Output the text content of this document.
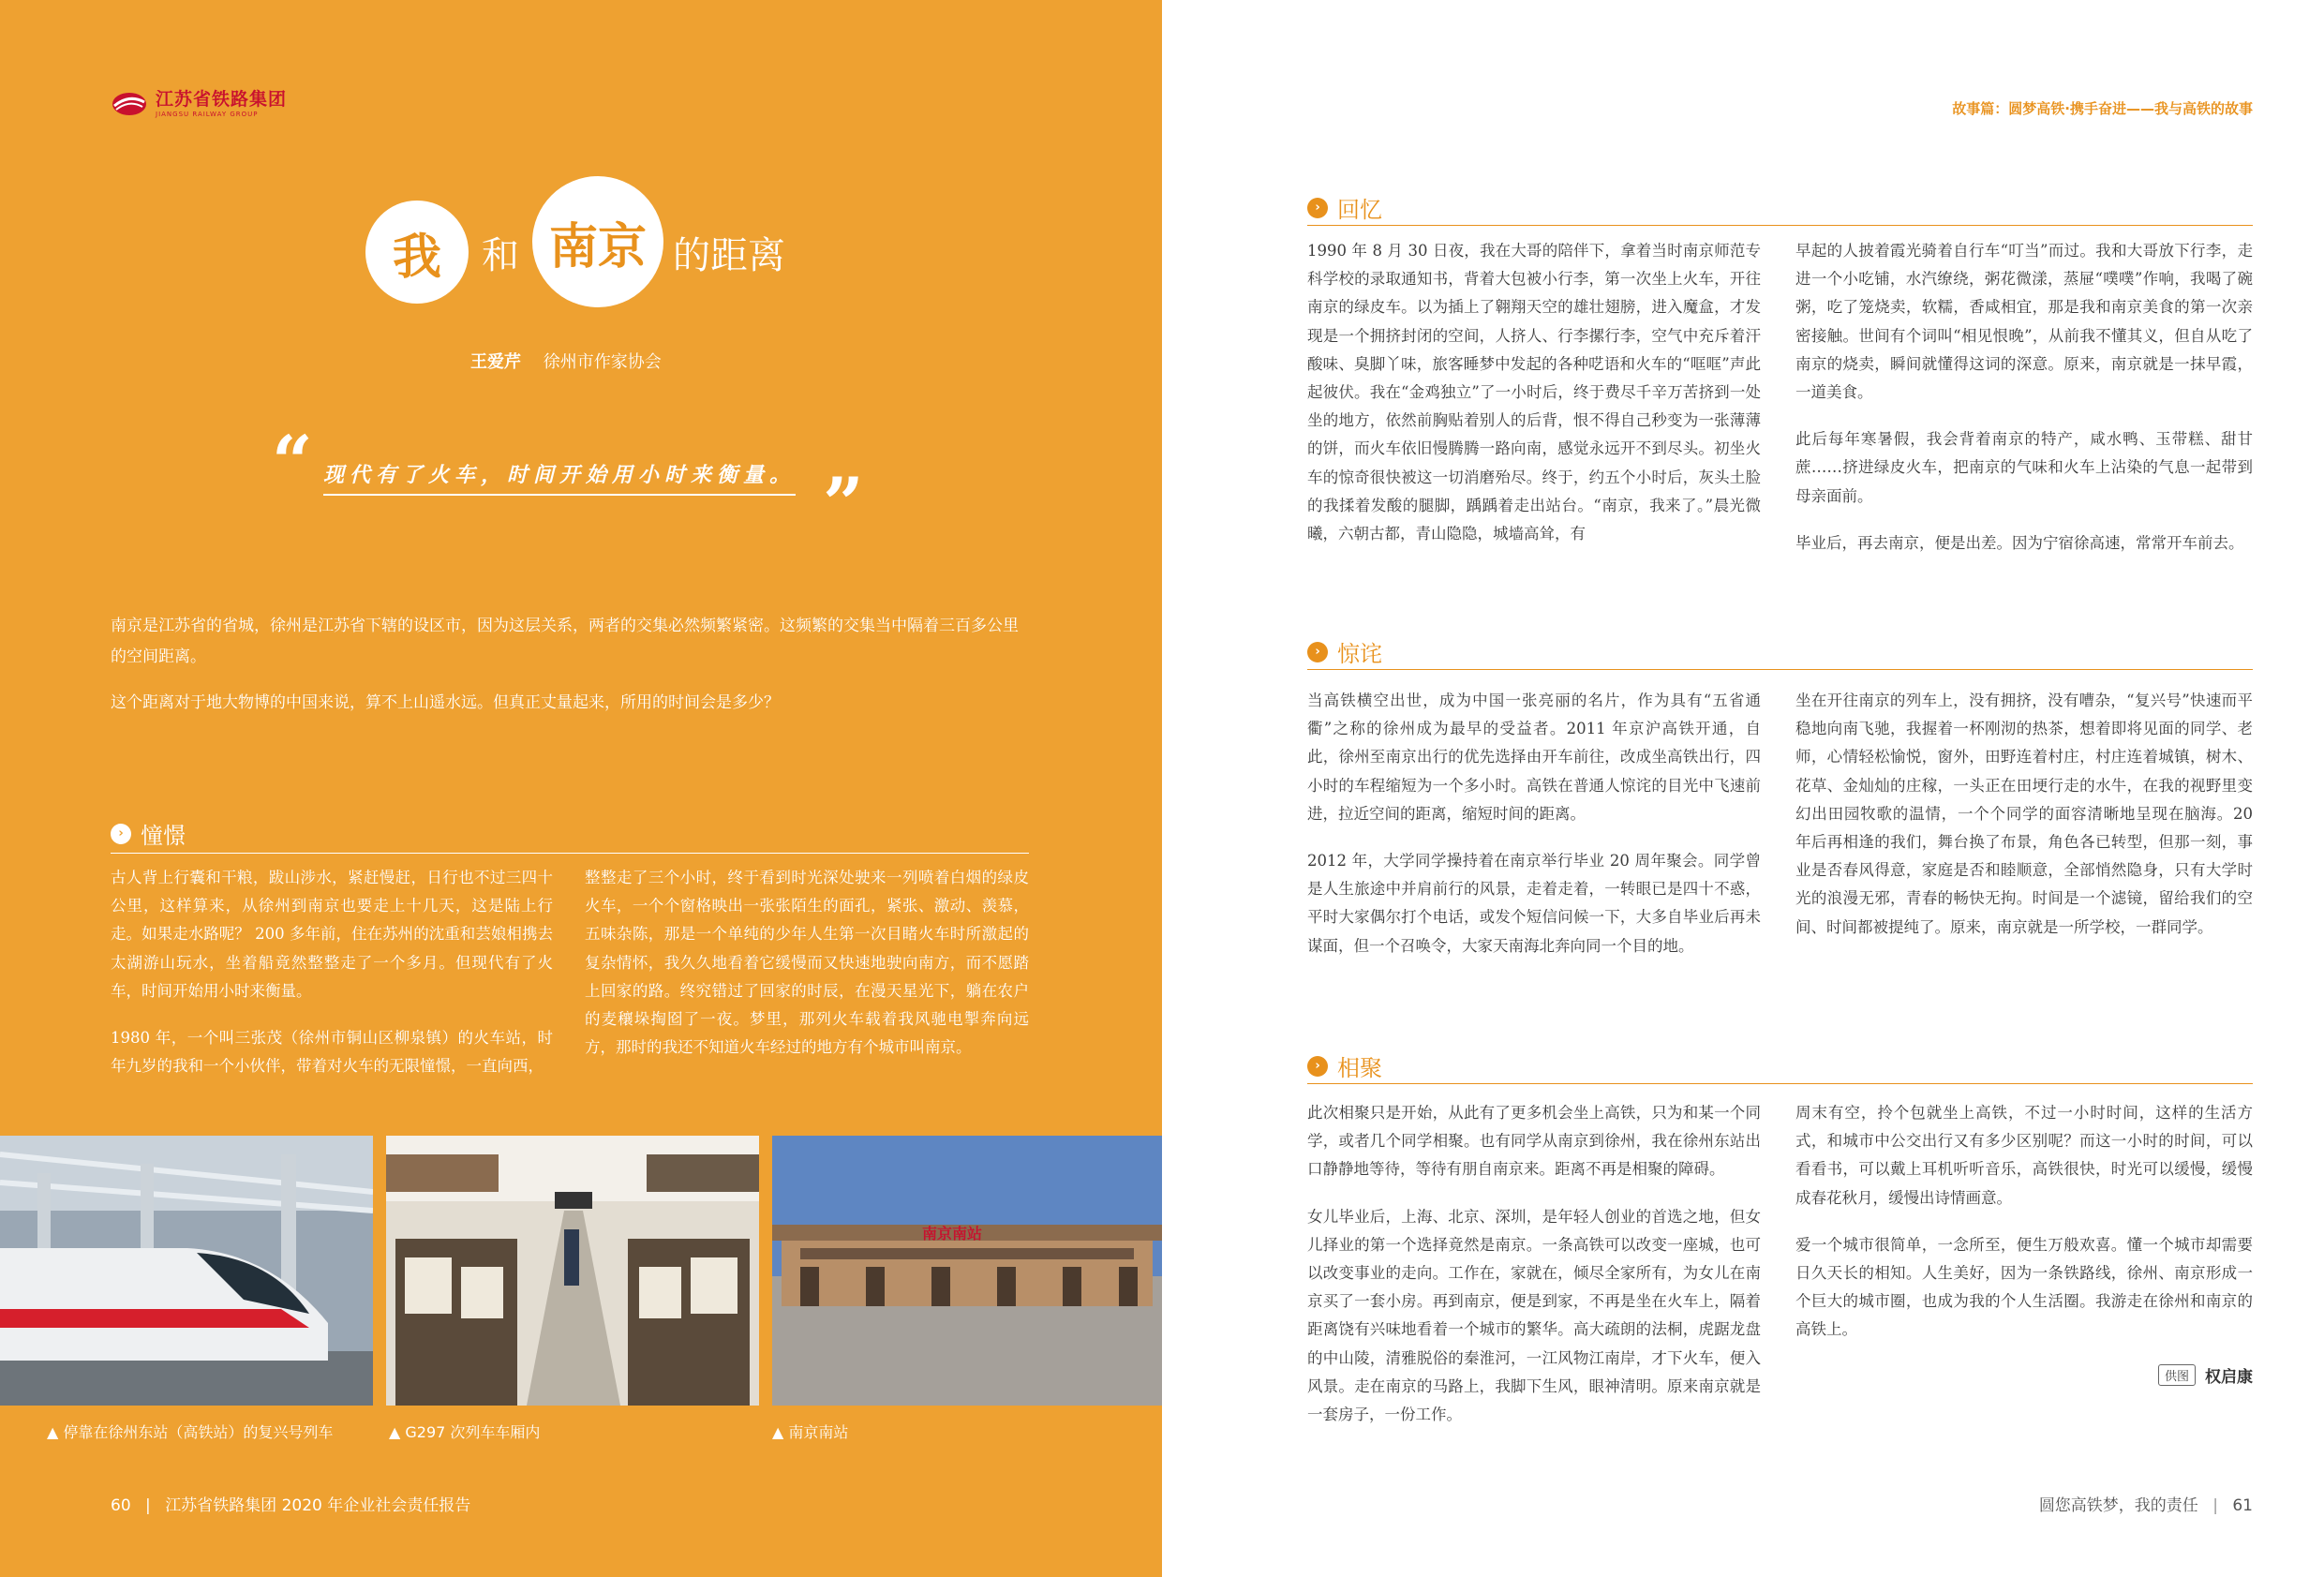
江苏省铁路集团
JIANGSU RAILWAY GROUP
我	和 南京 的距离
王爱芹 徐州市作家协会
“ 现代有了火车，时间开始用小时来衡量。 ”

南京是江苏省的省城，徐州是江苏省下辖的设区市，因为这层关系，两者的交集必然频繁紧密。这频繁的交集当中隔着三百多公里的空间距离。

这个距离对于地大物博的中国来说，算不上山遥水远。但真正丈量起来，所用的时间会是多少？

› 憧憬

古人背上行囊和干粮，跋山涉水，紧赶慢赶，日行也不过三四十公里，这样算来，从徐州到南京也要走上十几天，这是陆上行走。如果走水路呢？ 200 多年前，住在苏州的沈重和芸娘相携去太湖游山玩水，坐着船竟然整整走了一个多月。但现代有了火车，时间开始用小时来衡量。

1980 年，一个叫三张茂（徐州市铜山区柳泉镇）的火车站，时年九岁的我和一个小伙伴，带着对火车的无限憧憬，一直向西，

整整走了三个小时，终于看到时光深处驶来一列喷着白烟的绿皮火车，一个个窗格映出一张张陌生的面孔，紧张、激动、羡慕，五味杂陈，那是一个单纯的少年人生第一次目睹火车时所激起的复杂情怀，我久久地看着它缓慢而又快速地驶向南方，而不愿踏上回家的路。终究错过了回家的时辰，在漫天星光下，躺在农户的麦穰垛掏囵了一夜。梦里，那列火车载着我风驰电掣奔向远方，那时的我还不知道火车经过的地方有个城市叫南京。

南京南站
▲ 停靠在徐州东站（高铁站）的复兴号列车	▲ G297 次列车车厢内	▲ 南京南站
60 | 江苏省铁路集团 2020 年企业社会责任报告
故事篇：圆梦高铁·携手奋进——我与高铁的故事
› 回忆

1990 年 8 月 30 日夜，我在大哥的陪伴下，拿着当时南京师范专科学校的录取通知书，背着大包被小行李，第一次坐上火车，开往南京的绿皮车。以为插上了翱翔天空的雄壮翅膀，进入魔盒，才发现是一个拥挤封闭的空间，人挤人、行李摞行李，空气中充斥着汗酸味、臭脚丫味，旅客睡梦中发起的各种呓语和火车的“哐哐”声此起彼伏。我在“金鸡独立”了一小时后，终于费尽千辛万苦挤到一处坐的地方，依然前胸贴着别人的后背，恨不得自己秒变为一张薄薄的饼，而火车依旧慢腾腾一路向南，感觉永远开不到尽头。初坐火车的惊奇很快被这一切消磨殆尽。终于，约五个小时后，灰头土脸的我揉着发酸的腿脚，踽踽着走出站台。“南京，我来了。”晨光微曦，六朝古都，青山隐隐，城墙高耸，有

早起的人披着霞光骑着自行车“叮当”而过。我和大哥放下行李，走进一个小吃铺，水汽缭绕，粥花微漾，蒸屉“噗噗”作响，我喝了碗粥，吃了笼烧卖，软糯，香咸相宜，那是我和南京美食的第一次亲密接触。世间有个词叫“相见恨晚”，从前我不懂其义，但自从吃了南京的烧卖，瞬间就懂得这词的深意。原来，南京就是一抹早霞，一道美食。

此后每年寒暑假，我会背着南京的特产，咸水鸭、玉带糕、甜甘蔗……挤进绿皮火车，把南京的气味和火车上沾染的气息一起带到母亲面前。

毕业后，再去南京，便是出差。因为宁宿徐高速，常常开车前去。

› 惊诧

当高铁横空出世，成为中国一张亮丽的名片，作为具有“五省通衢”之称的徐州成为最早的受益者。2011 年京沪高铁开通，自此，徐州至南京出行的优先选择由开车前往，改成坐高铁出行，四小时的车程缩短为一个多小时。高铁在普通人惊诧的目光中飞速前进，拉近空间的距离，缩短时间的距离。

2012 年，大学同学操持着在南京举行毕业 20 周年聚会。同学曾是人生旅途中并肩前行的风景，走着走着，一转眼已是四十不惑，平时大家偶尔打个电话，或发个短信问候一下，大多自毕业后再未谋面，但一个召唤令，大家天南海北奔向同一个目的地。

坐在开往南京的列车上，没有拥挤，没有嘈杂，“复兴号”快速而平稳地向南飞驰，我握着一杯刚沏的热茶，想着即将见面的同学、老师，心情轻松愉悦，窗外，田野连着村庄，村庄连着城镇，树木、花草、金灿灿的庄稼，一头正在田埂行走的水牛，在我的视野里变幻出田园牧歌的温情，一个个同学的面容清晰地呈现在脑海。20 年后再相逢的我们，舞台换了布景，角色各已转型，但那一刻，事业是否春风得意，家庭是否和睦顺意，全部悄然隐身，只有大学时光的浪漫无邪，青春的畅快无拘。时间是一个滤镜，留给我们的空间、时间都被提纯了。原来，南京就是一所学校，一群同学。

› 相聚

此次相聚只是开始，从此有了更多机会坐上高铁，只为和某一个同学，或者几个同学相聚。也有同学从南京到徐州，我在徐州东站出口静静地等待，等待有朋自南京来。距离不再是相聚的障碍。

女儿毕业后，上海、北京、深圳，是年轻人创业的首选之地，但女儿择业的第一个选择竟然是南京。一条高铁可以改变一座城，也可以改变事业的走向。工作在，家就在，倾尽全家所有，为女儿在南京买了一套小房。再到南京，便是到家，不再是坐在火车上，隔着距离饶有兴味地看着一个城市的繁华。高大疏朗的法桐，虎踞龙盘的中山陵，清雅脱俗的秦淮河，一江风物江南岸，才下火车，便入风景。走在南京的马路上，我脚下生风，眼神清明。原来南京就是一套房子，一份工作。

周末有空，拎个包就坐上高铁，不过一小时时间，这样的生活方式，和城市中公交出行又有多少区别呢？而这一小时的时间，可以看看书，可以戴上耳机听听音乐，高铁很快，时光可以缓慢，缓慢成春花秋月，缓慢出诗情画意。

爱一个城市很简单，一念所至，便生万般欢喜。懂一个城市却需要日久天长的相知。人生美好，因为一条铁路线，徐州、南京形成一个巨大的城市圈，也成为我的个人生活圈。我游走在徐州和南京的高铁上。

供图	权启康
圆您高铁梦，我的责任 | 61
